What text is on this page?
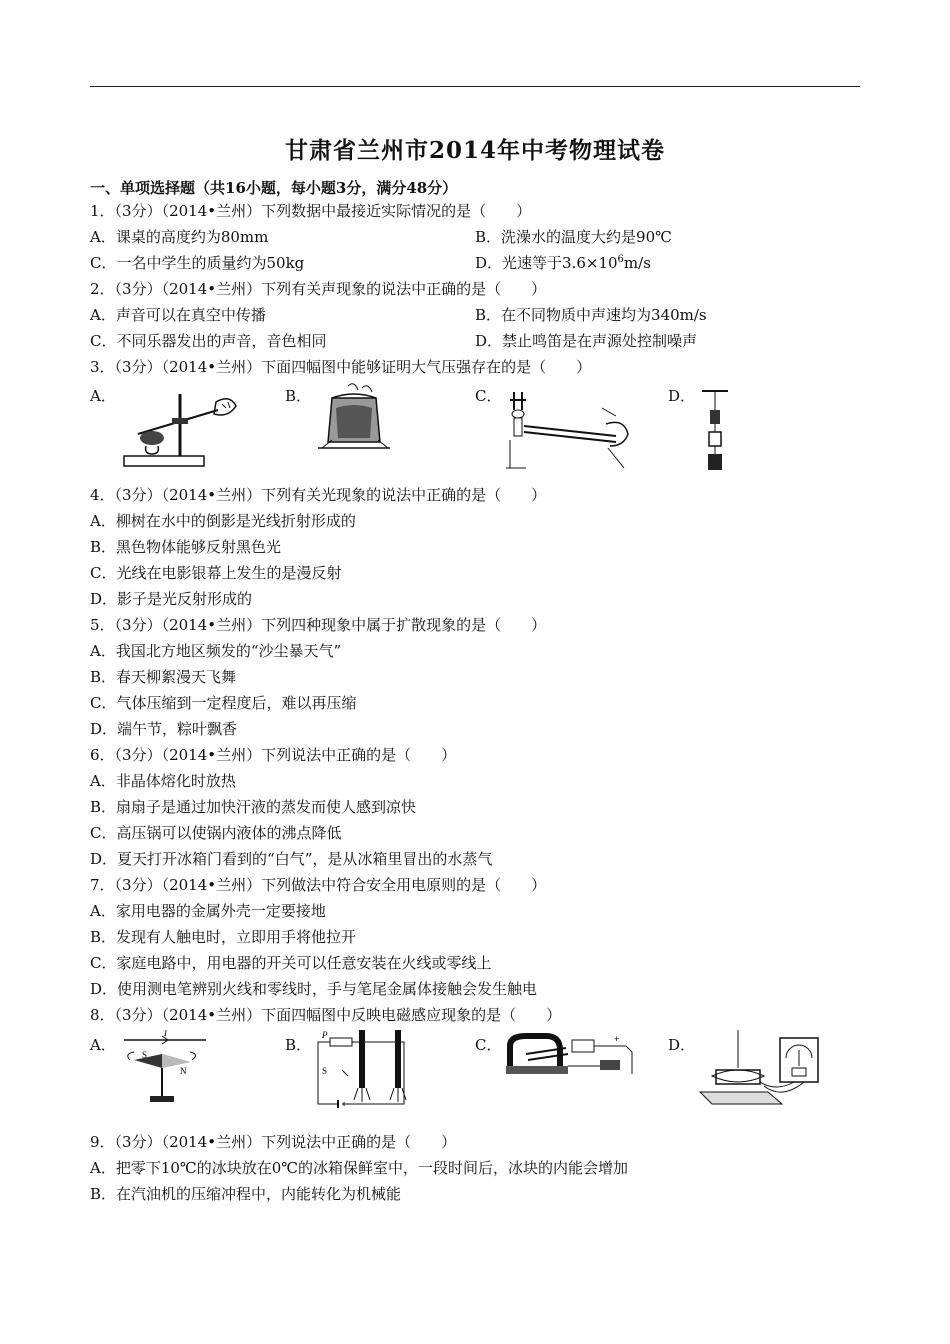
甘肃省兰州市2014年中考物理试卷
一、单项选择题（共16小题，每小题3分，满分48分）
1．（3分）（2014•兰州）下列数据中最接近实际情况的是（　　）
A．课桌的高度约为80mm	B．洗澡水的温度大约是90℃
C．一名中学生的质量约为50kg	D．光速等于$3.6\times 10^6m/s$
2．（3分）（2014•兰州）下列有关声现象的说法中正确的是（　　）
A．声音可以在真空中传播	B．在不同物质中声速均为340m/s
C．不同乐器发出的声音，音色相同	D．禁止鸣笛是在声源处控制噪声
3．（3分）（2014•兰州）下面四幅图中能够证明大气压强存在的是（　　）
A．	B．	C．	D．
4．（3分）（2014•兰州）下列有关光现象的说法中正确的是（　　）
A．柳树在水中的倒影是光线折射形成的
B．黑色物体能够反射黑色光
C．光线在电影银幕上发生的是漫反射
D．影子是光反射形成的
5．（3分）（2014•兰州）下列四种现象中属于扩散现象的是（　　）
A．我国北方地区频发的“沙尘暴天气”
B．春天柳絮漫天飞舞
C．气体压缩到一定程度后，难以再压缩
D．端午节，粽叶飘香
6．（3分）（2014•兰州）下列说法中正确的是（　　）
A．非晶体熔化时放热
B．扇扇子是通过加快汗液的蒸发而使人感到凉快
C．高压锅可以使锅内液体的沸点降低
D．夏天打开冰箱门看到的“白气”，是从冰箱里冒出的水蒸气
7．（3分）（2014•兰州）下列做法中符合安全用电原则的是（　　）
A．家用电器的金属外壳一定要接地
B．发现有人触电时，立即用手将他拉开
C．家庭电路中，用电器的开关可以任意安装在火线或零线上
D．使用测电笔辨别火线和零线时，手与笔尾金属体接触会发生触电
8．（3分）（2014•兰州）下面四幅图中反映电磁感应现象的是（　　）
A．	B．	C．	D．
I
S
N
P
S
+
9．（3分）（2014•兰州）下列说法中正确的是（　　）
A．把零下10℃的冰块放在0℃的冰箱保鲜室中，一段时间后，冰块的内能会增加
B．在汽油机的压缩冲程中，内能转化为机械能
